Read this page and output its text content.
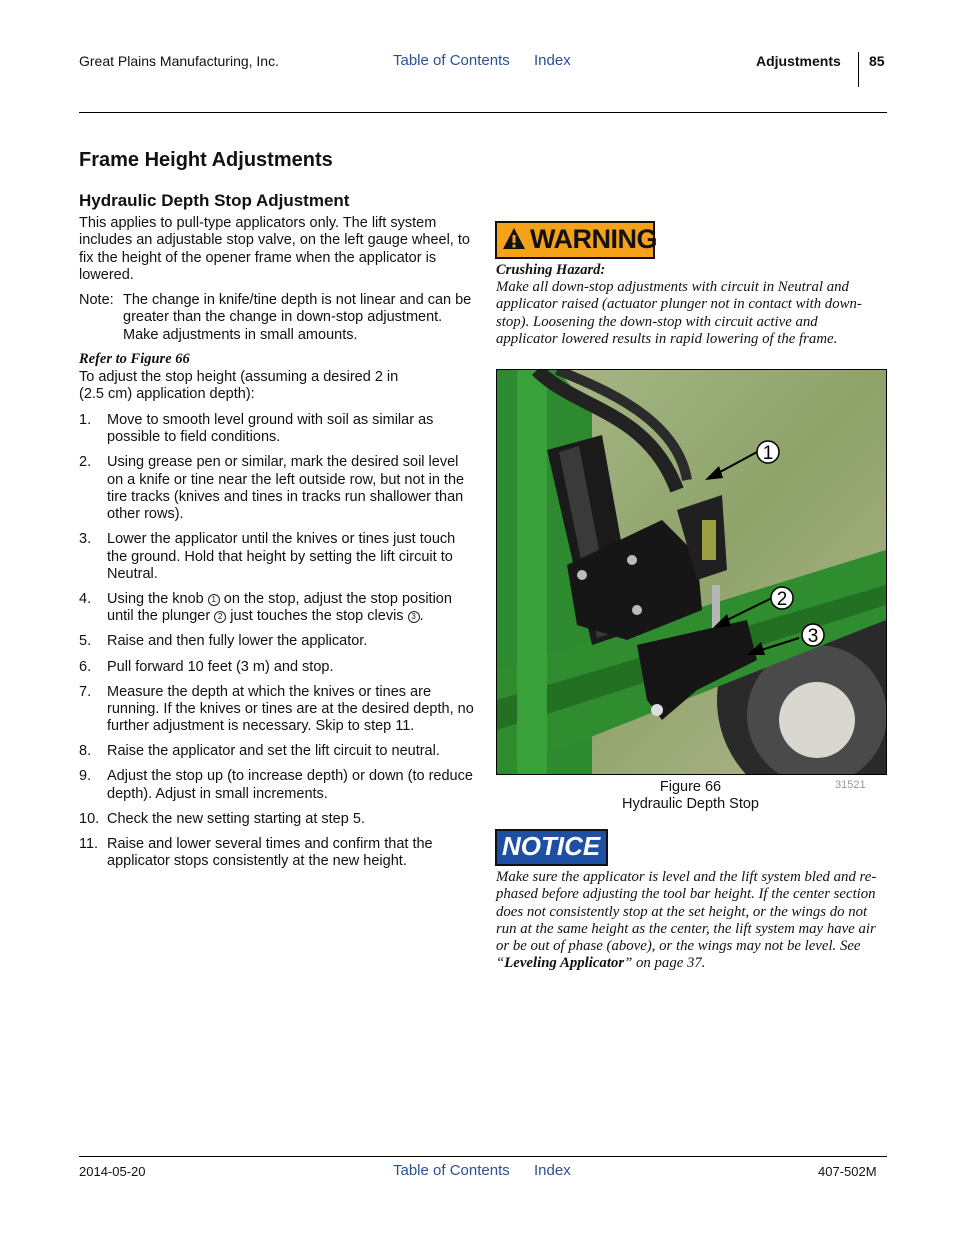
Great Plains Manufacturing, Inc.	Table of Contents Index	Adjustments 85
Frame Height Adjustments
Hydraulic Depth Stop Adjustment
This applies to pull-type applicators only. The lift system includes an adjustable stop valve, on the left gauge wheel, to fix the height of the opener frame when the applicator is lowered.
Note: The change in knife/tine depth is not linear and can be greater than the change in down-stop adjustment. Make adjustments in small amounts.
Refer to Figure 66
To adjust the stop height (assuming a desired 2 in (2.5 cm) application depth):
1. Move to smooth level ground with soil as similar as possible to field conditions.
2. Using grease pen or similar, mark the desired soil level on a knife or tine near the left outside row, but not in the tire tracks (knives and tines in tracks run shallower than other rows).
3. Lower the applicator until the knives or tines just touch the ground. Hold that height by setting the lift circuit to Neutral.
4. Using the knob 1 on the stop, adjust the stop position until the plunger 2 just touches the stop clevis 3 .
5. Raise and then fully lower the applicator.
6. Pull forward 10 feet (3 m) and stop.
7. Measure the depth at which the knives or tines are running. If the knives or tines are at the desired depth, no further adjustment is necessary. Skip to step 11.
8. Raise the applicator and set the lift circuit to neutral.
9. Adjust the stop up (to increase depth) or down (to reduce depth). Adjust in small increments.
10. Check the new setting starting at step 5.
11. Raise and lower several times and confirm that the applicator stops consistently at the new height.
WARNING
Crushing Hazard:
Make all down-stop adjustments with circuit in Neutral and applicator raised (actuator plunger not in contact with down-stop). Loosening the down-stop with circuit active and applicator lowered results in rapid lowering of the frame.
1
2
3
Figure 66
Hydraulic Depth Stop
31521
NOTICE
Make sure the applicator is level and the lift system bled and re-phased before adjusting the tool bar height. If the center section does not consistently stop at the set height, or the wings do not run at the same height as the center, the lift system may have air or be out of phase (above), or the wings may not be level. See “Leveling Applicator” on page 37.
2014-05-20	Table of Contents Index	407-502M
